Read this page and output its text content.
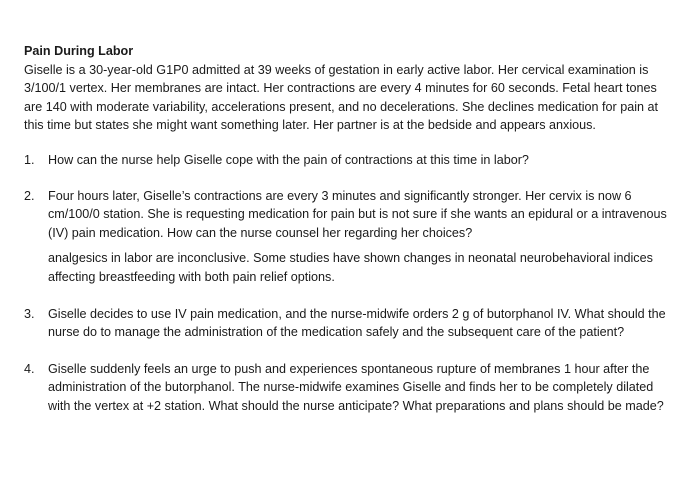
Pain During Labor

Giselle is a 30-year-old G1P0 admitted at 39 weeks of gestation in early active labor. Her cervical examination is 3/100/1 vertex. Her membranes are intact. Her contractions are every 4 minutes for 60 seconds. Fetal heart tones are 140 with moderate variability, accelerations present, and no decelerations. She declines medication for pain at this time but states she might want something later. Her partner is at the bedside and appears anxious.

1. How can the nurse help Giselle cope with the pain of contractions at this time in labor?
2. Four hours later, Giselle’s contractions are every 3 minutes and significantly stronger. Her cervix is now 6 cm/100/0 station. She is requesting medication for pain but is not sure if she wants an epidural or a intravenous (IV) pain medication. How can the nurse counsel her regarding her choices?
analgesics in labor are inconclusive. Some studies have shown changes in neonatal neurobehavioral indices affecting breastfeeding with both pain relief options.
3. Giselle decides to use IV pain medication, and the nurse-midwife orders 2 g of butorphanol IV. What should the nurse do to manage the administration of the medication safely and the subsequent care of the patient?
4. Giselle suddenly feels an urge to push and experiences spontaneous rupture of membranes 1 hour after the administration of the butorphanol. The nurse-midwife examines Giselle and finds her to be completely dilated with the vertex at +2 station. What should the nurse anticipate? What preparations and plans should be made?
